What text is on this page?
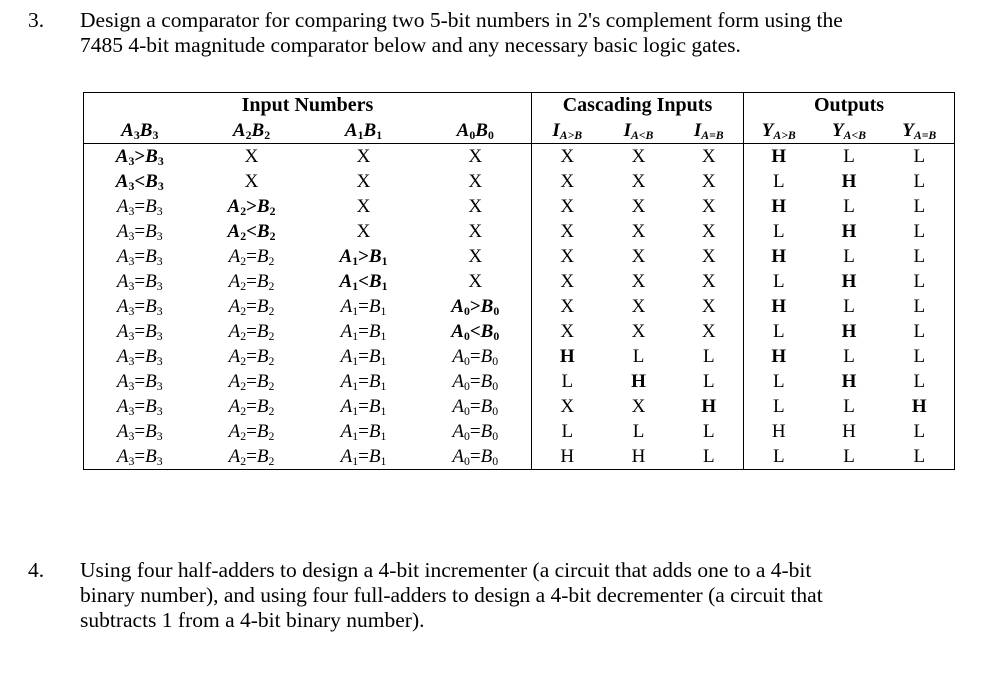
3. Design a comparator for comparing two 5-bit numbers in 2's complement form using the
7485 4-bit magnitude comparator below and any necessary basic logic gates.
Input Numbers				Cascading Inputs			Outputs		
$A_3B_3$	$A_2B_2$	$A_1B_1$	$A_0B_0$	$I_{A>B}$	$I_{A<B}$	$I_{A=B}$	$Y_{A>B}$	$Y_{A<B}$	$Y_{A=B}$
$A_3>B_3$	X	X	X	X	X	X	H	L	L
$A_3<B_3$	X	X	X	X	X	X	L	H	L
$A_3=B_3$	$A_2>B_2$	X	X	X	X	X	H	L	L
$A_3=B_3$	$A_2<B_2$	X	X	X	X	X	L	H	L
$A_3=B_3$	$A_2=B_2$	$A_1>B_1$	X	X	X	X	H	L	L
$A_3=B_3$	$A_2=B_2$	$A_1<B_1$	X	X	X	X	L	H	L
$A_3=B_3$	$A_2=B_2$	$A_1=B_1$	$A_0>B_0$	X	X	X	H	L	L
$A_3=B_3$	$A_2=B_2$	$A_1=B_1$	$A_0<B_0$	X	X	X	L	H	L
$A_3=B_3$	$A_2=B_2$	$A_1=B_1$	$A_0=B_0$	H	L	L	H	L	L
$A_3=B_3$	$A_2=B_2$	$A_1=B_1$	$A_0=B_0$	L	H	L	L	H	L
$A_3=B_3$	$A_2=B_2$	$A_1=B_1$	$A_0=B_0$	X	X	H	L	L	H
$A_3=B_3$	$A_2=B_2$	$A_1=B_1$	$A_0=B_0$	L	L	L	H	H	L
$A_3=B_3$	$A_2=B_2$	$A_1=B_1$	$A_0=B_0$	H	H	L	L	L	L
4. Using four half-adders to design a 4-bit incrementer (a circuit that adds one to a 4-bit
binary number), and using four full-adders to design a 4-bit decrementer (a circuit that
subtracts 1 from a 4-bit binary number).
